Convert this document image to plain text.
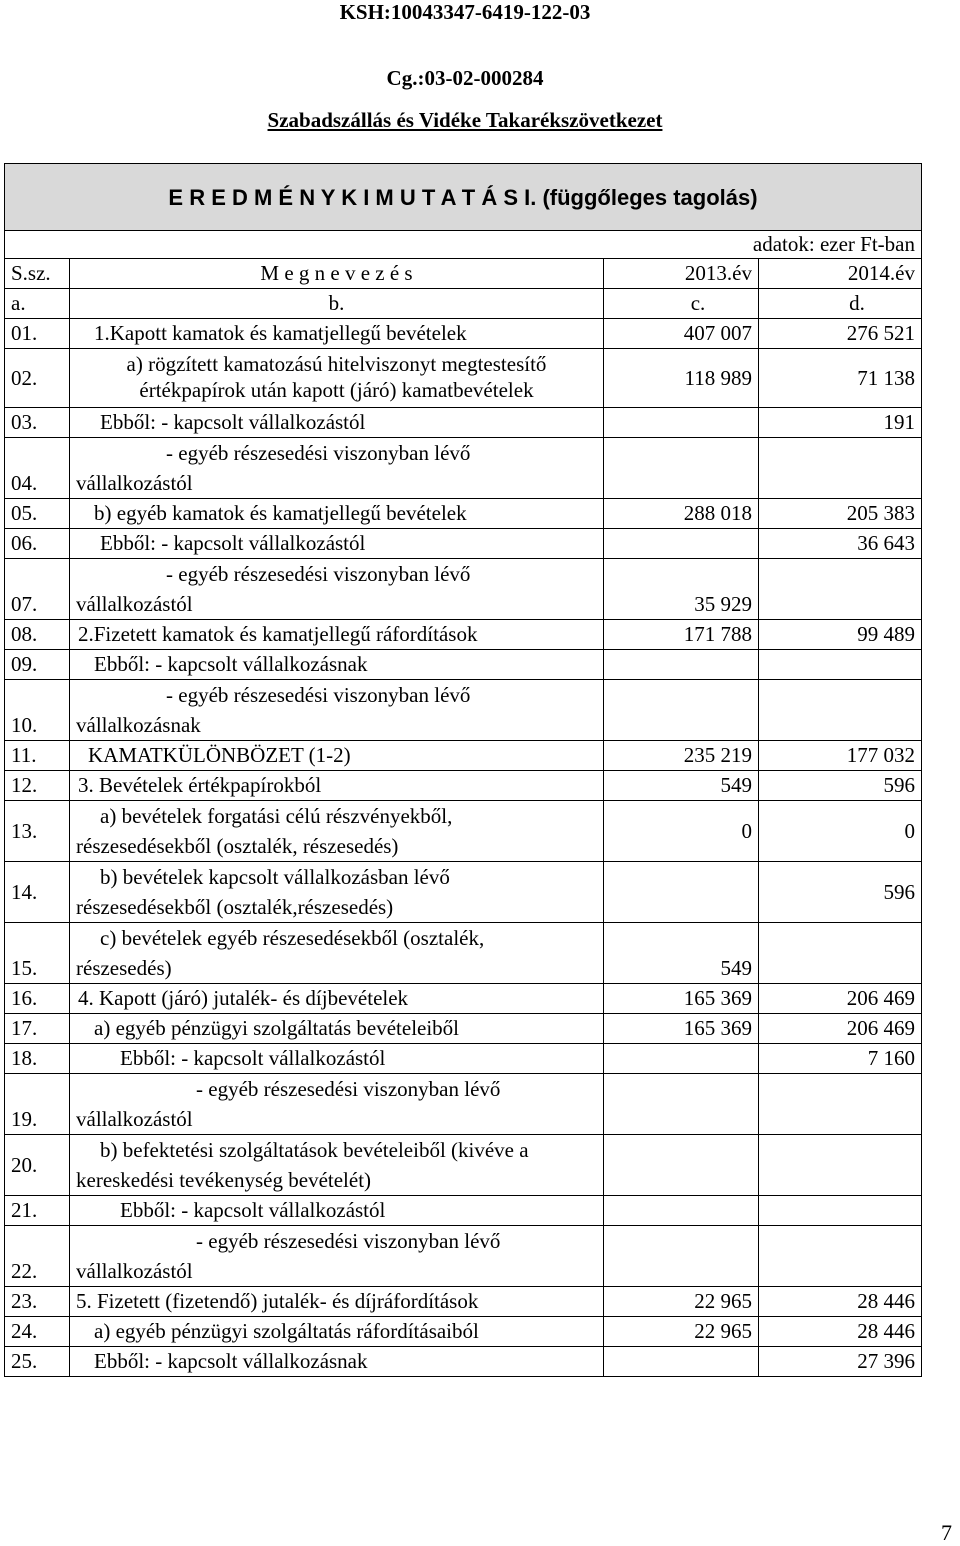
KSH:10043347-6419-122-03
Cg.:03-02-000284
Szabadszállás és Vidéke Takarékszövetkezet
E R E D M É N Y K I M U T A T Á S I. (függőleges tagolás)			
adatok: ezer Ft-ban			
S.sz.	M e g n e v e z é s	2013.év	2014.év
a.	b.	c.	d.
01.	1.Kapott kamatok és kamatjellegű bevételek	407 007	276 521
02.	a) rögzített kamatozású hitelviszonyt megtestesítő
értékpapírok után kapott (járó) kamatbevételek	118 989	71 138
03.	Ebből: - kapcsolt vállalkozástól		191
04.	- egyéb részesedési viszonyban lévő
vállalkozástól		

05.	b) egyéb kamatok és kamatjellegű bevételek	288 018	205 383
06.	Ebből: - kapcsolt vállalkozástól		36 643
07.	- egyéb részesedési viszonyban lévő
vállalkozástól	35 929	
08.	2.Fizetett kamatok és kamatjellegű ráfordítások	171 788	99 489
09.	Ebből: - kapcsolt vállalkozásnak		
10.	- egyéb részesedési viszonyban lévő
vállalkozásnak		

11.	KAMATKÜLÖNBÖZET (1-2)	235 219	177 032
12.	3. Bevételek értékpapírokból	549	596
13.	a) bevételek forgatási célú részvényekből,
részesedésekből (osztalék, részesedés)	0	0
14.	b) bevételek kapcsolt vállalkozásban lévő
részesedésekből (osztalék,részesedés)		596
15.	c) bevételek egyéb részesedésekből (osztalék,
részesedés)	549	
16.	4. Kapott (járó) jutalék- és díjbevételek	165 369	206 469
17.	a) egyéb pénzügyi szolgáltatás bevételeiből	165 369	206 469
18.	Ebből: - kapcsolt vállalkozástól		7 160
19.	- egyéb részesedési viszonyban lévő
vállalkozástól		

20.	b) befektetési szolgáltatások bevételeiből (kivéve a
kereskedési tevékenység bevételét)		

21.	Ebből: - kapcsolt vállalkozástól		
22.	- egyéb részesedési viszonyban lévő
vállalkozástól		

23.	5. Fizetett (fizetendő) jutalék- és díjráfordítások	22 965	28 446
24.	a) egyéb pénzügyi szolgáltatás ráfordításaiból	22 965	28 446
25.	Ebből: - kapcsolt vállalkozásnak		27 396
7
